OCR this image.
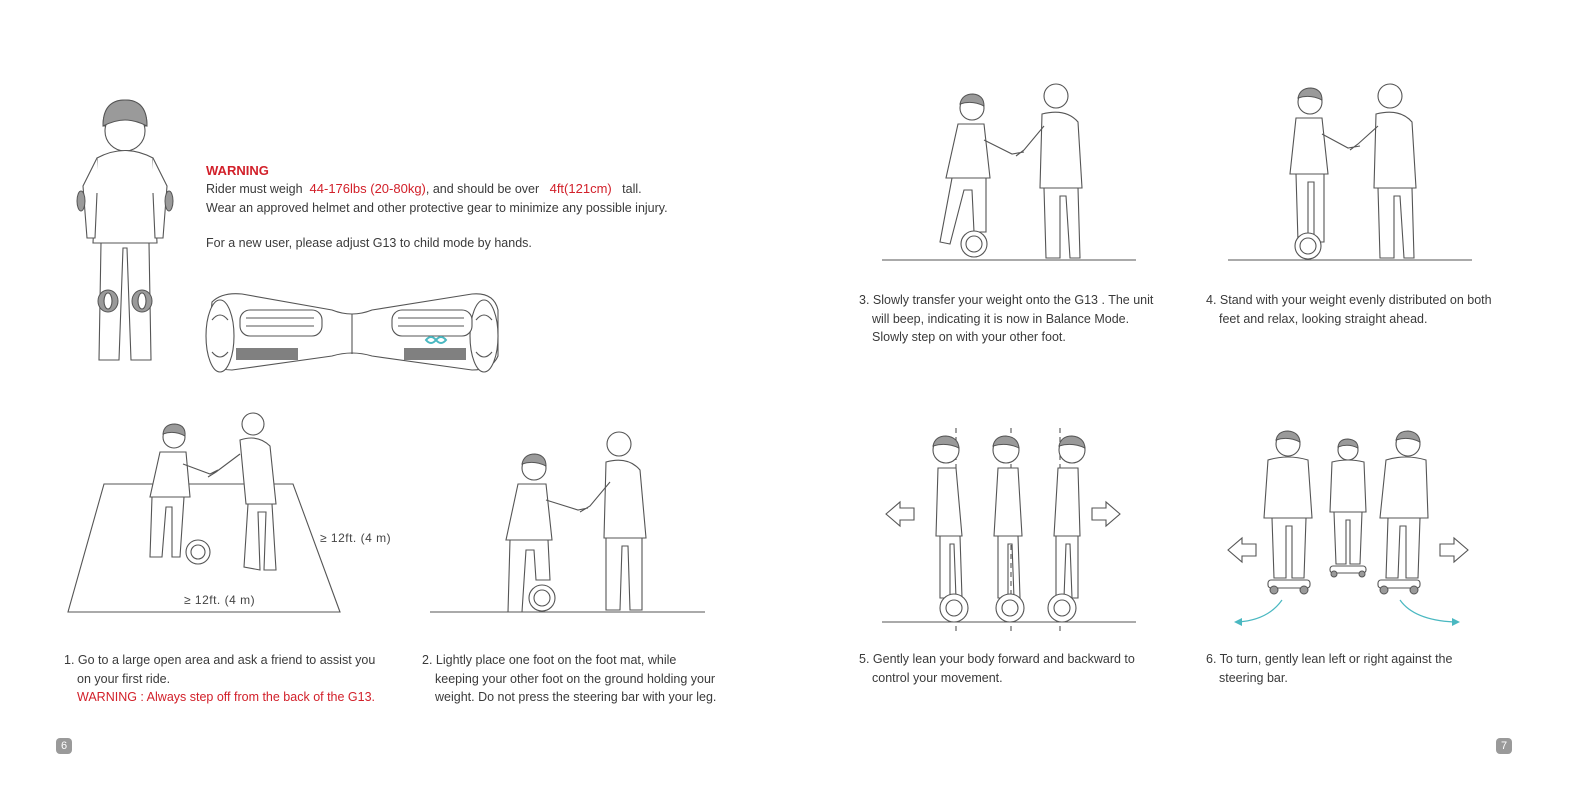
WARNING
Rider must weigh 44-176lbs (20-80kg), and should be over 4ft(121cm) tall.
Wear an approved helmet and other protective gear to minimize any possible injury.
For a new user, please adjust G13 to child mode by hands.
≥ 12ft. (4 m)
≥ 12ft. (4 m)
1. Go to a large open area and ask a friend to assist you
on your first ride.
WARNING : Always step off from the back of the G13.
2. Lightly place one foot on the foot mat, while
keeping your other foot on the ground holding your
weight. Do not press the steering bar with your leg.
6
3. Slowly transfer your weight onto the G13 . The unit
will beep, indicating it is now in Balance Mode.
Slowly step on with your other foot.
4. Stand with your weight evenly distributed on both
feet and relax, looking straight ahead.
5. Gently lean your body forward and backward to
control your movement.
6. To turn, gently lean left or right against the
steering bar.
7
